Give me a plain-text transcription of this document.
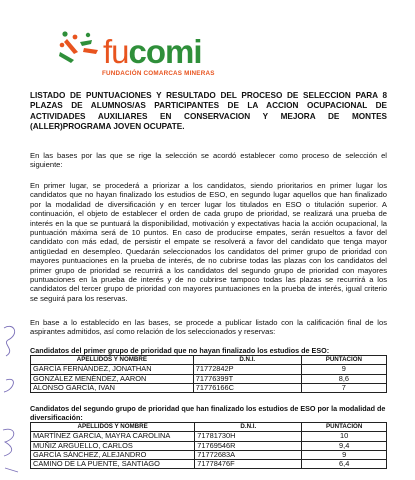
fucomi
FUNDACIÓN COMARCAS MINERAS
LISTADO DE PUNTUACIONES Y RESULTADO DEL PROCESO DE SELECCION PARA 8 PLAZAS DE ALUMNOS/AS PARTICIPANTES DE LA ACCION OCUPACIONAL DE ACTIVIDADES AUXILIARES EN CONSERVACION Y MEJORA DE MONTES (ALLER)PROGRAMA JOVEN OCUPATE.

En las bases por las que se rige la selección se acordó establecer como proceso de selección el siguiente:

En primer lugar, se procederá a priorizar a los candidatos, siendo prioritarios en primer lugar los candidatos que no hayan finalizado los estudios de ESO, en segundo lugar aquellos que han finalizado por la modalidad de diversificación y en tercer lugar los titulados en ESO o titulación superior. A continuación, el objeto de establecer el orden de cada grupo de prioridad, se realizará una prueba de interés en la que se puntuará la disponibilidad, motivación y expectativas hacia la acción ocupacional, la puntuación máxima será de 10 puntos. En caso de producirse empates, serán resueltos a favor del candidato con más edad, de persistir el empate se resolverá a favor del candidato que tenga mayor antigüedad en desempleo. Quedarán seleccionados los candidatos del primer grupo de prioridad con mayores puntuaciones en la prueba de interés, de no cubrirse todas las plazas con los candidatos del primer grupo de prioridad se recurrirá a los candidatos del segundo grupo de prioridad con mayores puntuaciones en la prueba de interés y de no cubrirse tampoco todas las plazas se recurrirá a los candidatos del tercer grupo de prioridad con mayores puntuaciones en la prueba de interés, igual criterio se seguirá para los reservas.

En base a lo establecido en las bases, se procede a publicar listado con la calificación final de los aspirantes admitidos, así como relación de los seleccionados y reservas:

Candidatos del primer grupo de prioridad que no hayan finalizado los estudios de ESO:
APELLIDOS Y NOMBRE	D.N.I.	PUNTACIÓN
GARCÍA FERNÁNDEZ, JONATHAN	71772842P	9
GONZÁLEZ MENÉNDEZ, AARON	71776399T	8,6
ALONSO GARCÍA, IVAN	71776166C	7
Candidatos del segundo grupo de prioridad que han finalizado los estudios de ESO por la modalidad de diversificación:
APELLIDOS Y NOMBRE	D.N.I.	PUNTACIÓN
MARTÍNEZ GARCIA, MAYRA CAROLINA	71781730H	10
MUÑIZ ARGÜELLO, CARLOS	71769546R	9,4
GARCÍA SÁNCHEZ, ALEJANDRO	71772683A	9
CAMINO DE LA PUENTE, SANTIAGO	71778476F	6,4
